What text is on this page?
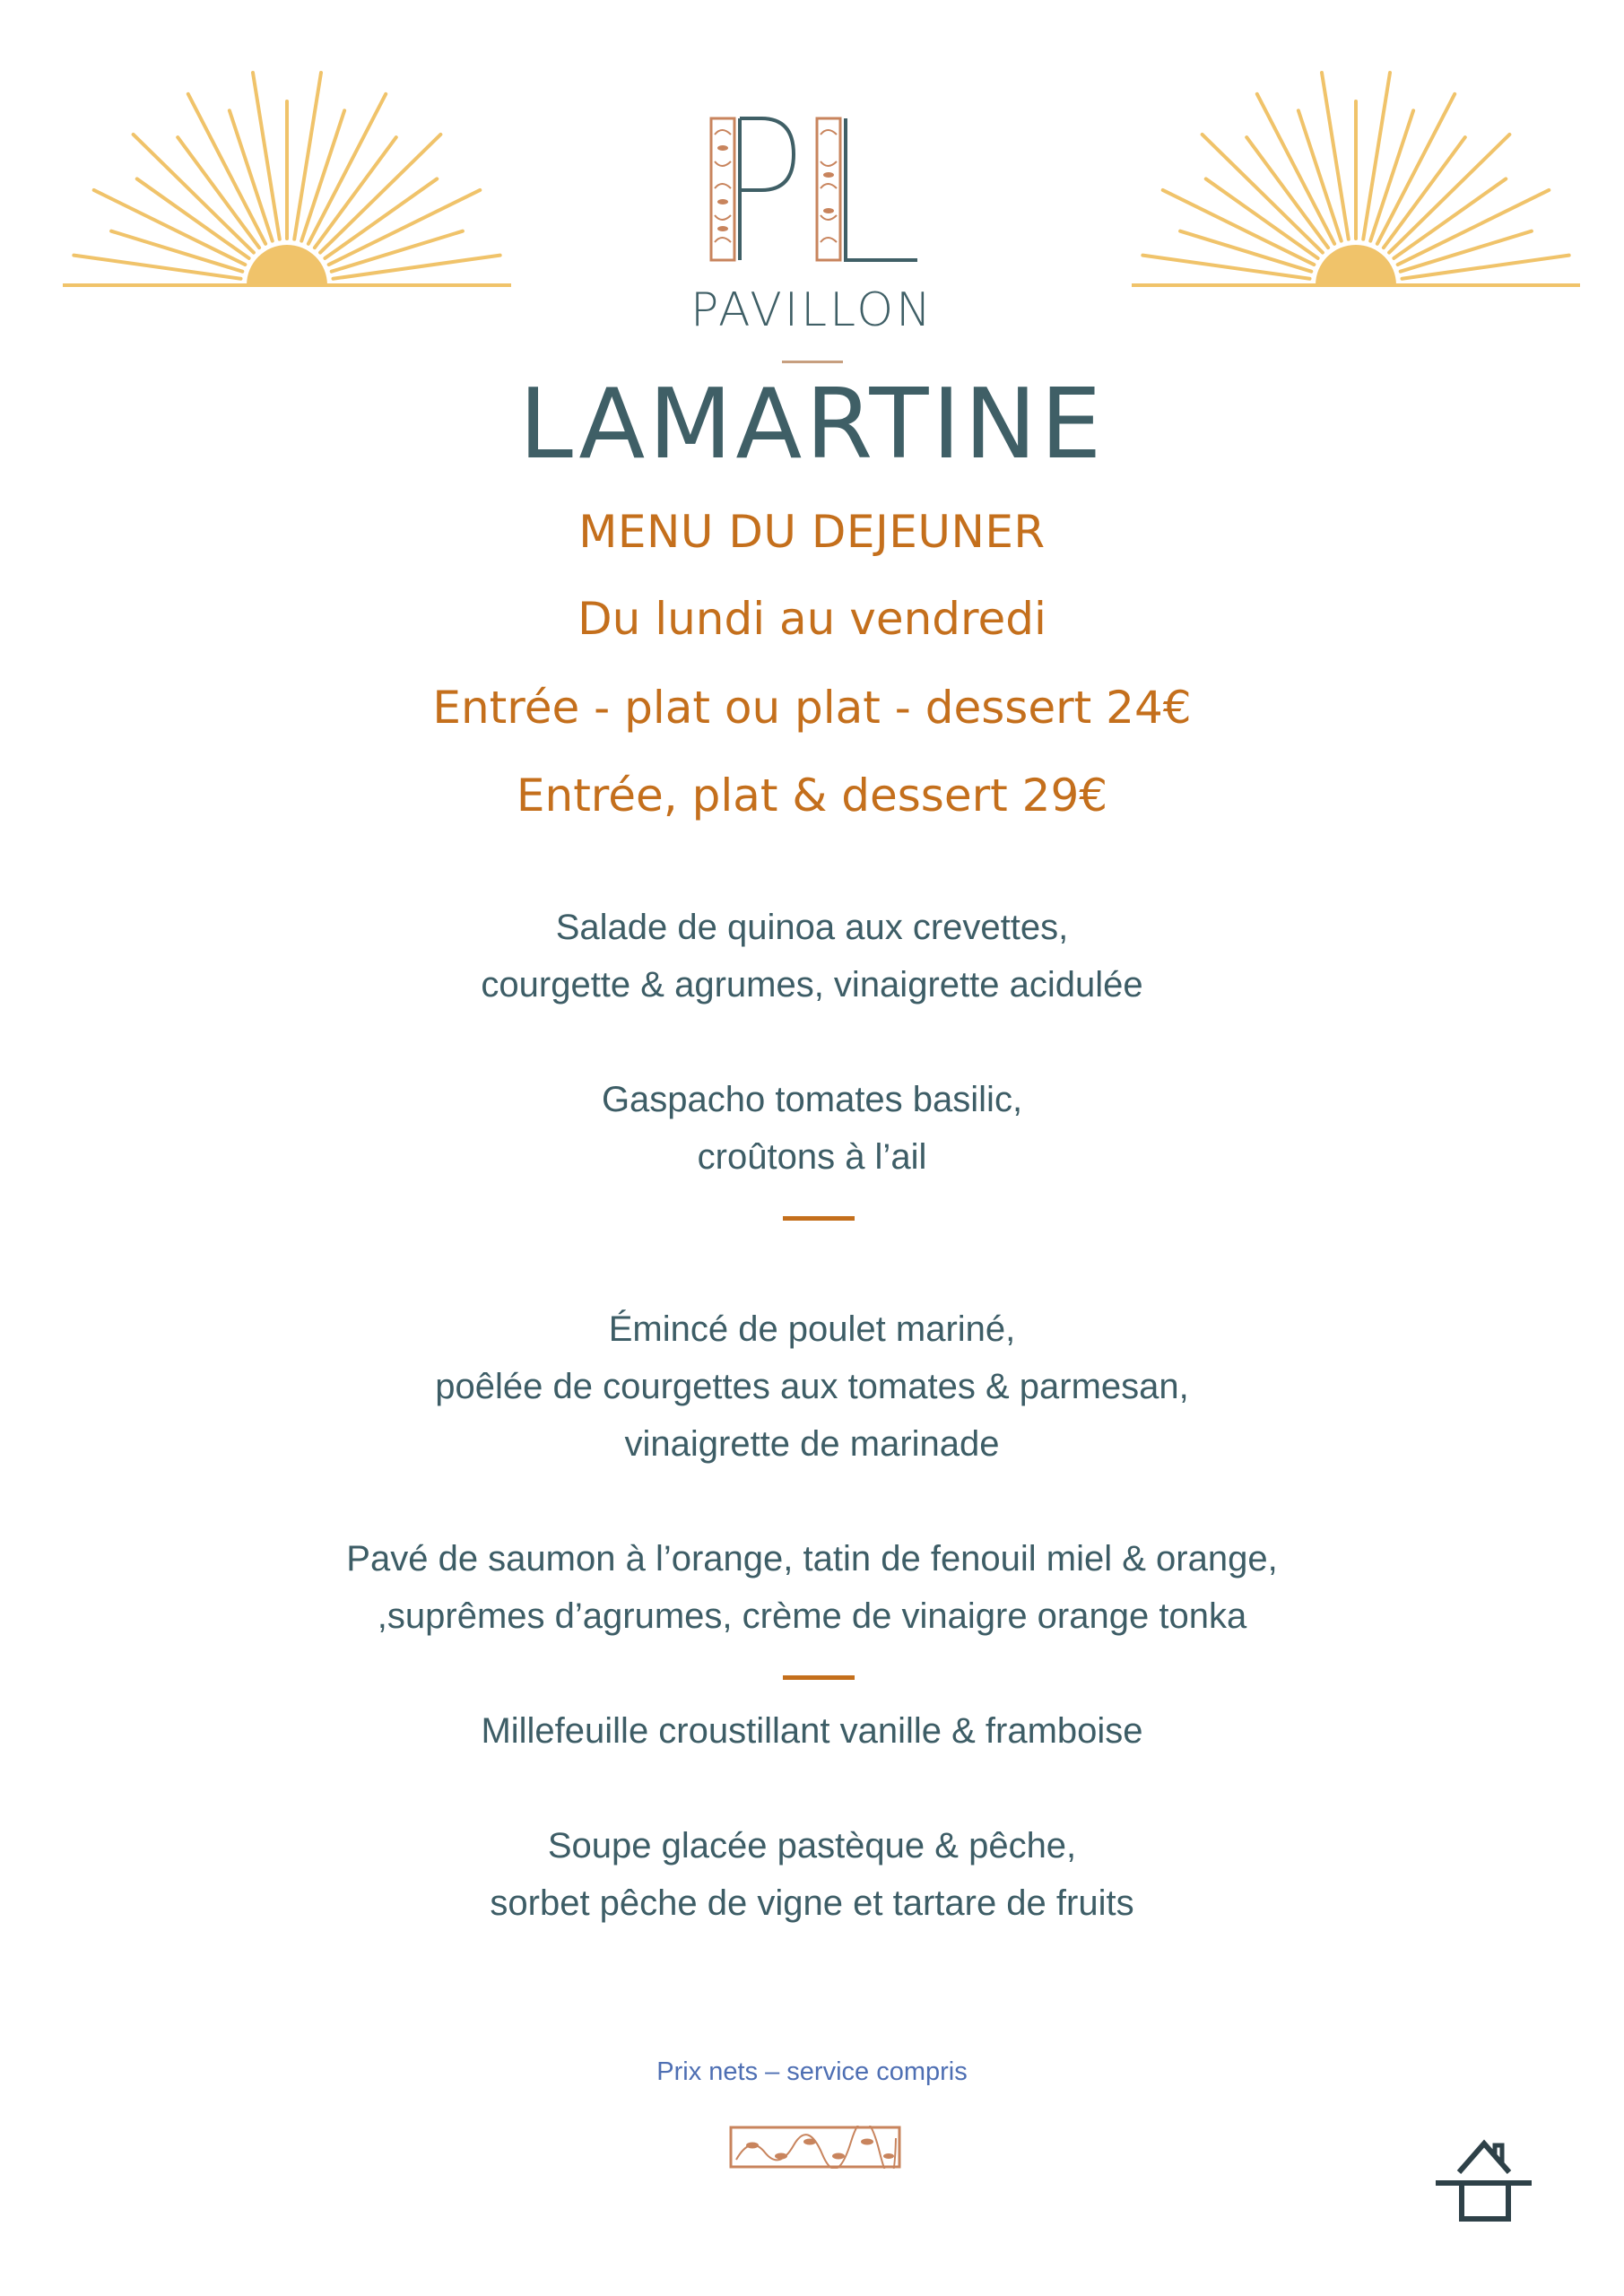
PAVILLON
LAMARTINE
MENU DU DEJEUNER
Du lundi au vendredi
Entrée - plat ou plat - dessert 24€
Entrée, plat & dessert 29€
Salade de quinoa aux crevettes,
courgette & agrumes, vinaigrette acidulée
Gaspacho tomates basilic,
croûtons à l’ail
Émincé de poulet mariné,
poêlée de courgettes aux tomates & parmesan,
vinaigrette de marinade
Pavé de saumon à l’orange, tatin de fenouil miel & orange,
,suprêmes d’agrumes, crème de vinaigre orange tonka
Millefeuille croustillant vanille & framboise
Soupe glacée pastèque & pêche,
sorbet pêche de vigne et tartare de fruits
Prix nets – service compris
